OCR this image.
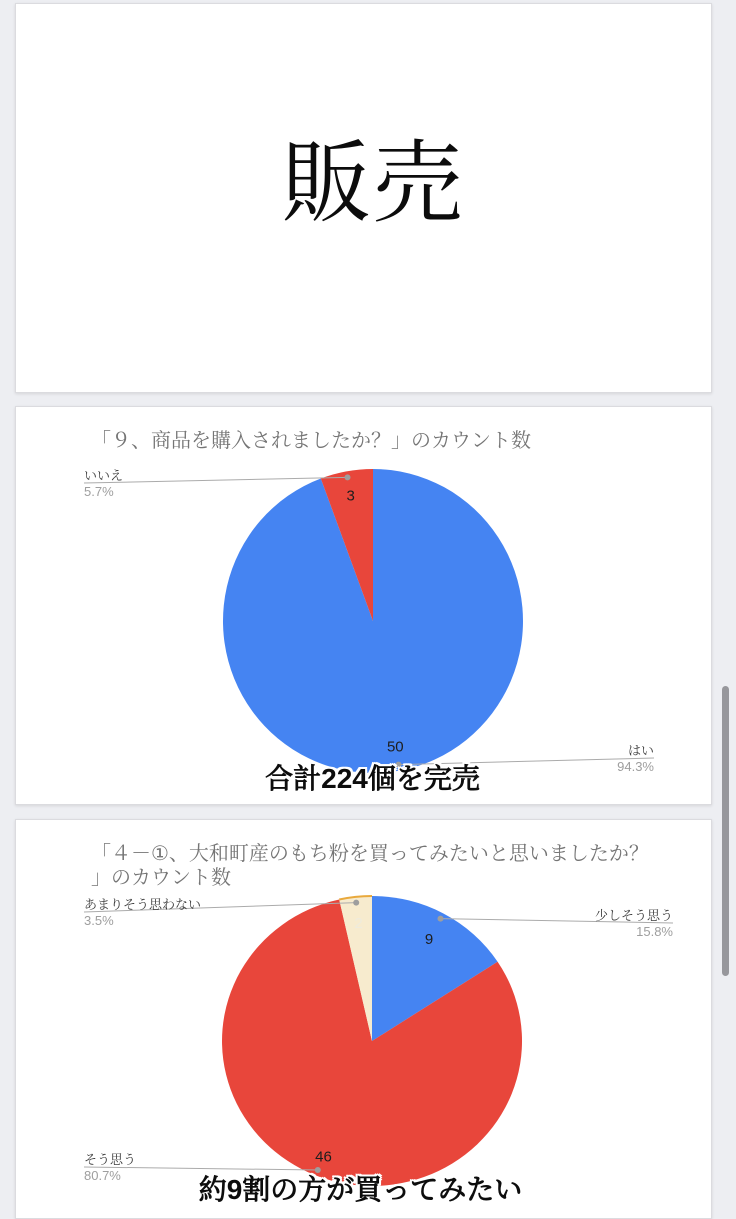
販売
「９、商品を購入されましたか？」のカウント数
はい
94.3%
50
いいえ
5.7%	3
合計224個を完売
「４－①、大和町産のもち粉を買ってみたいと思いましたか？
」のカウント数
少しそう思う
15.8%
9
そう思う
80.7%
46
あまりそう思わない
3.5%	2
約9割の方が買ってみたい
